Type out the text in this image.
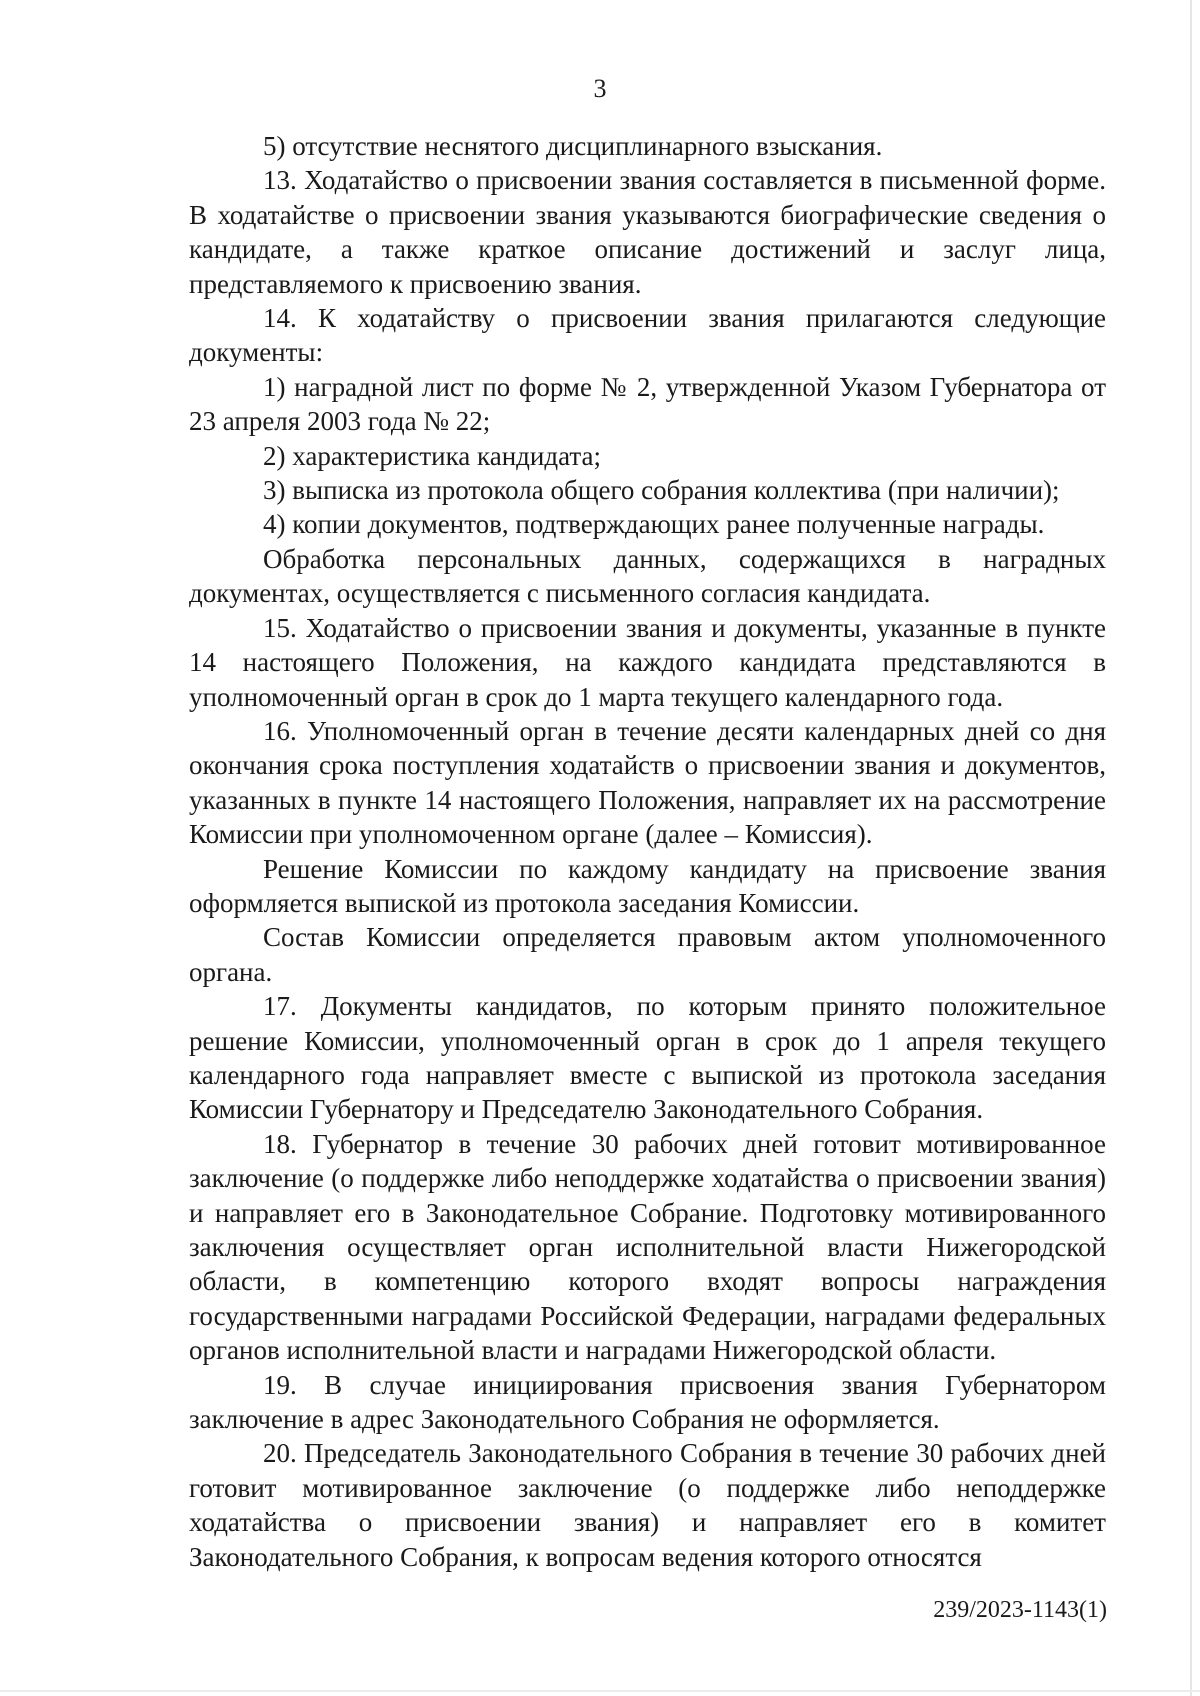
3

5) отсутствие неснятого дисциплинарного взыскания.

13. Ходатайство о присвоении звания составляется в письменной форме. В ходатайстве о присвоении звания указываются биографические сведения о кандидате, а также краткое описание достижений и заслуг лица, представляемого к присвоению звания.

14. К ходатайству о присвоении звания прилагаются следующие документы:

1) наградной лист по форме № 2, утвержденной Указом Губернатора от 23 апреля 2003 года № 22;

2) характеристика кандидата;

3) выписка из протокола общего собрания коллектива (при наличии);

4) копии документов, подтверждающих ранее полученные награды.

Обработка персональных данных, содержащихся в наградных документах, осуществляется с письменного согласия кандидата.

15. Ходатайство о присвоении звания и документы, указанные в пункте 14 настоящего Положения, на каждого кандидата представляются в уполномоченный орган в срок до 1 марта текущего календарного года.

16. Уполномоченный орган в течение десяти календарных дней со дня окончания срока поступления ходатайств о присвоении звания и документов, указанных в пункте 14 настоящего Положения, направляет их на рассмотрение Комиссии при уполномоченном органе (далее – Комиссия).

Решение Комиссии по каждому кандидату на присвоение звания оформляется выпиской из протокола заседания Комиссии.

Состав Комиссии определяется правовым актом уполномоченного органа.

17. Документы кандидатов, по которым принято положительное решение Комиссии, уполномоченный орган в срок до 1 апреля текущего календарного года направляет вместе с выпиской из протокола заседания Комиссии Губернатору и Председателю Законодательного Собрания.

18. Губернатор в течение 30 рабочих дней готовит мотивированное заключение (о поддержке либо неподдержке ходатайства о присвоении звания) и направляет его в Законодательное Собрание. Подготовку мотивированного заключения осуществляет орган исполнительной власти Нижегородской области, в компетенцию которого входят вопросы награждения государственными наградами Российской Федерации, наградами федеральных органов исполнительной власти и наградами Нижегородской области.

19. В случае инициирования присвоения звания Губернатором заключение в адрес Законодательного Собрания не оформляется.

20. Председатель Законодательного Собрания в течение 30 рабочих дней готовит мотивированное заключение (о поддержке либо неподдержке ходатайства о присвоении звания) и направляет его в комитет Законодательного Собрания, к вопросам ведения которого относятся

239/2023-1143(1)
